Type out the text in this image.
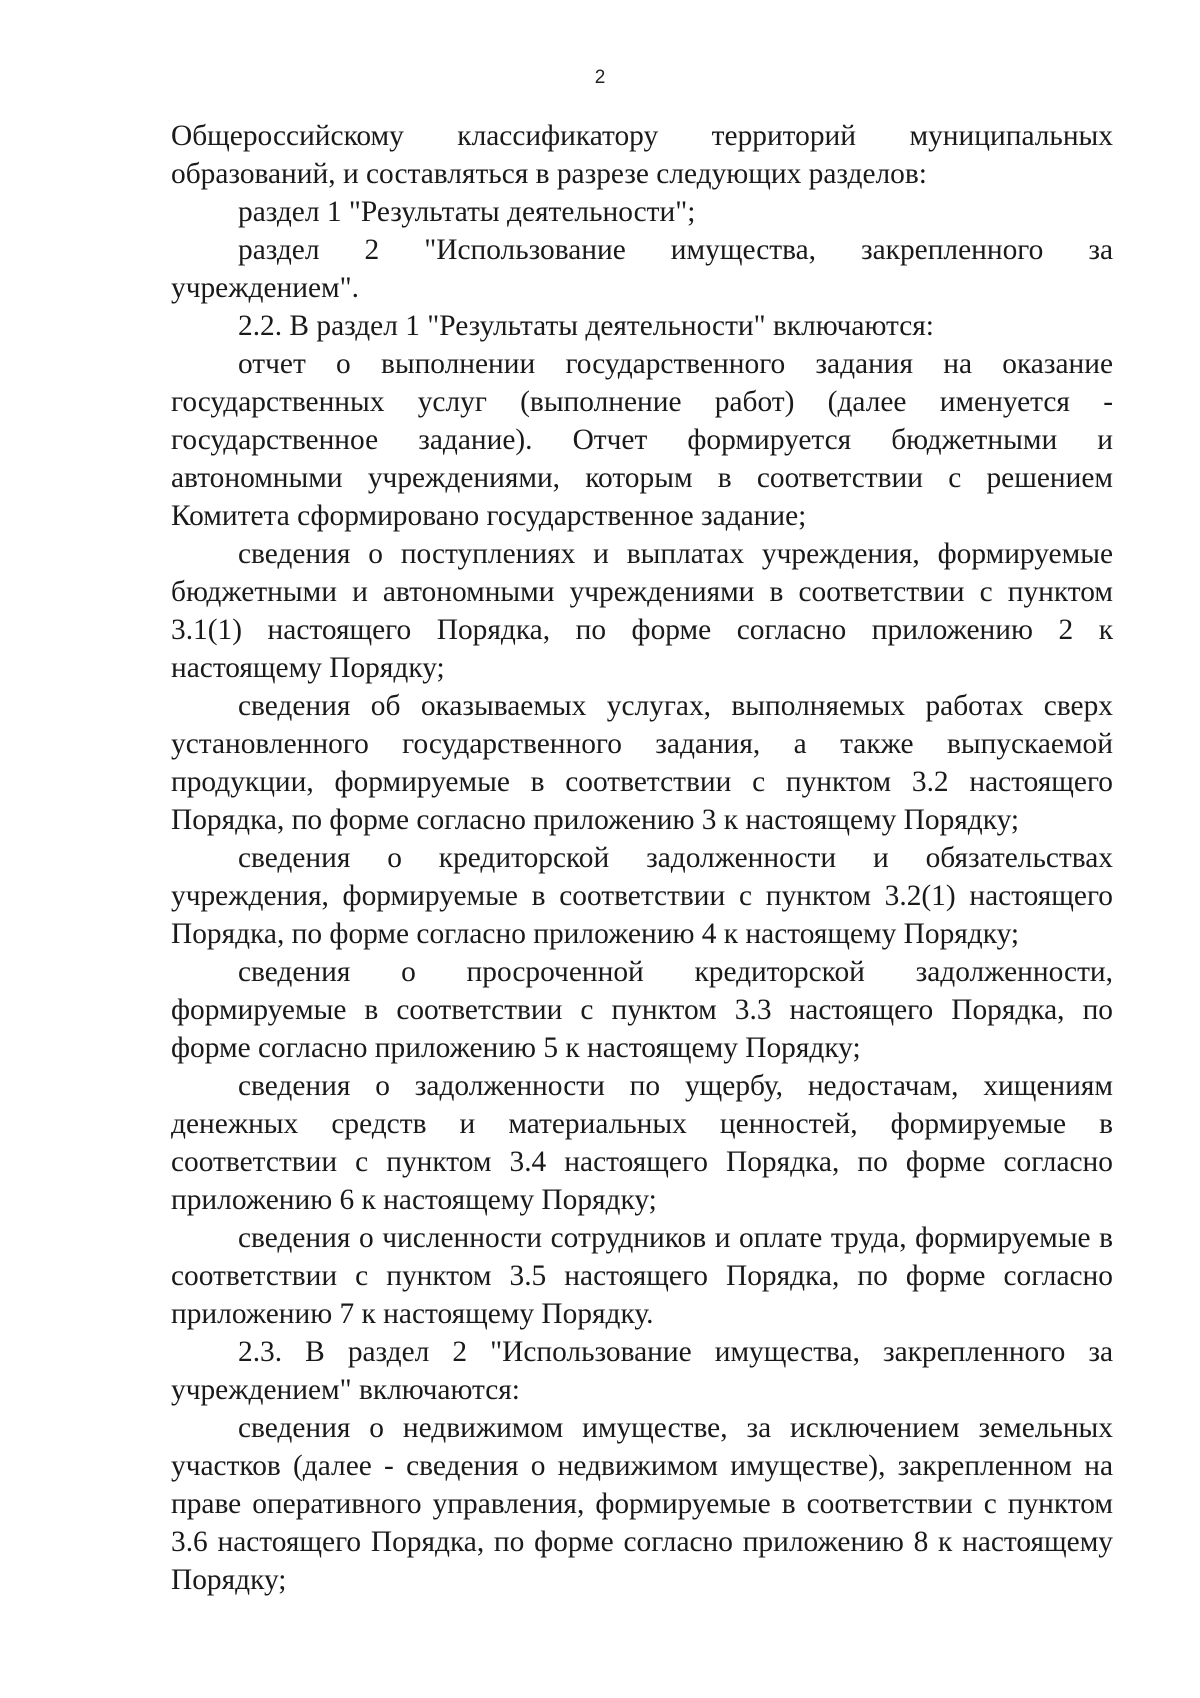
2

Общероссийскому классификатору территорий муниципальных образований, и составляться в разрезе следующих разделов:

раздел 1 "Результаты деятельности";

раздел 2 "Использование имущества, закрепленного за учреждением".

2.2. В раздел 1 "Результаты деятельности" включаются:

отчет о выполнении государственного задания на оказание государственных услуг (выполнение работ) (далее именуется - государственное задание). Отчет формируется бюджетными и автономными учреждениями, которым в соответствии с решением Комитета сформировано государственное задание;

сведения о поступлениях и выплатах учреждения, формируемые бюджетными и автономными учреждениями в соответствии с пунктом 3.1(1) настоящего Порядка, по форме согласно приложению 2 к настоящему Порядку;

сведения об оказываемых услугах, выполняемых работах сверх установленного государственного задания, а также выпускаемой продукции, формируемые в соответствии с пунктом 3.2 настоящего Порядка, по форме согласно приложению 3 к настоящему Порядку;

сведения о кредиторской задолженности и обязательствах учреждения, формируемые в соответствии с пунктом 3.2(1) настоящего Порядка, по форме согласно приложению 4 к настоящему Порядку;

сведения о просроченной кредиторской задолженности, формируемые в соответствии с пунктом 3.3 настоящего Порядка, по форме согласно приложению 5 к настоящему Порядку;

сведения о задолженности по ущербу, недостачам, хищениям денежных средств и материальных ценностей, формируемые в соответствии с пунктом 3.4 настоящего Порядка, по форме согласно приложению 6 к настоящему Порядку;

сведения о численности сотрудников и оплате труда, формируемые в соответствии с пунктом 3.5 настоящего Порядка, по форме согласно приложению 7 к настоящему Порядку.

2.3. В раздел 2 "Использование имущества, закрепленного за учреждением" включаются:

сведения о недвижимом имуществе, за исключением земельных участков (далее - сведения о недвижимом имуществе), закрепленном на праве оперативного управления, формируемые в соответствии с пунктом 3.6 настоящего Порядка, по форме согласно приложению 8 к настоящему Порядку;
